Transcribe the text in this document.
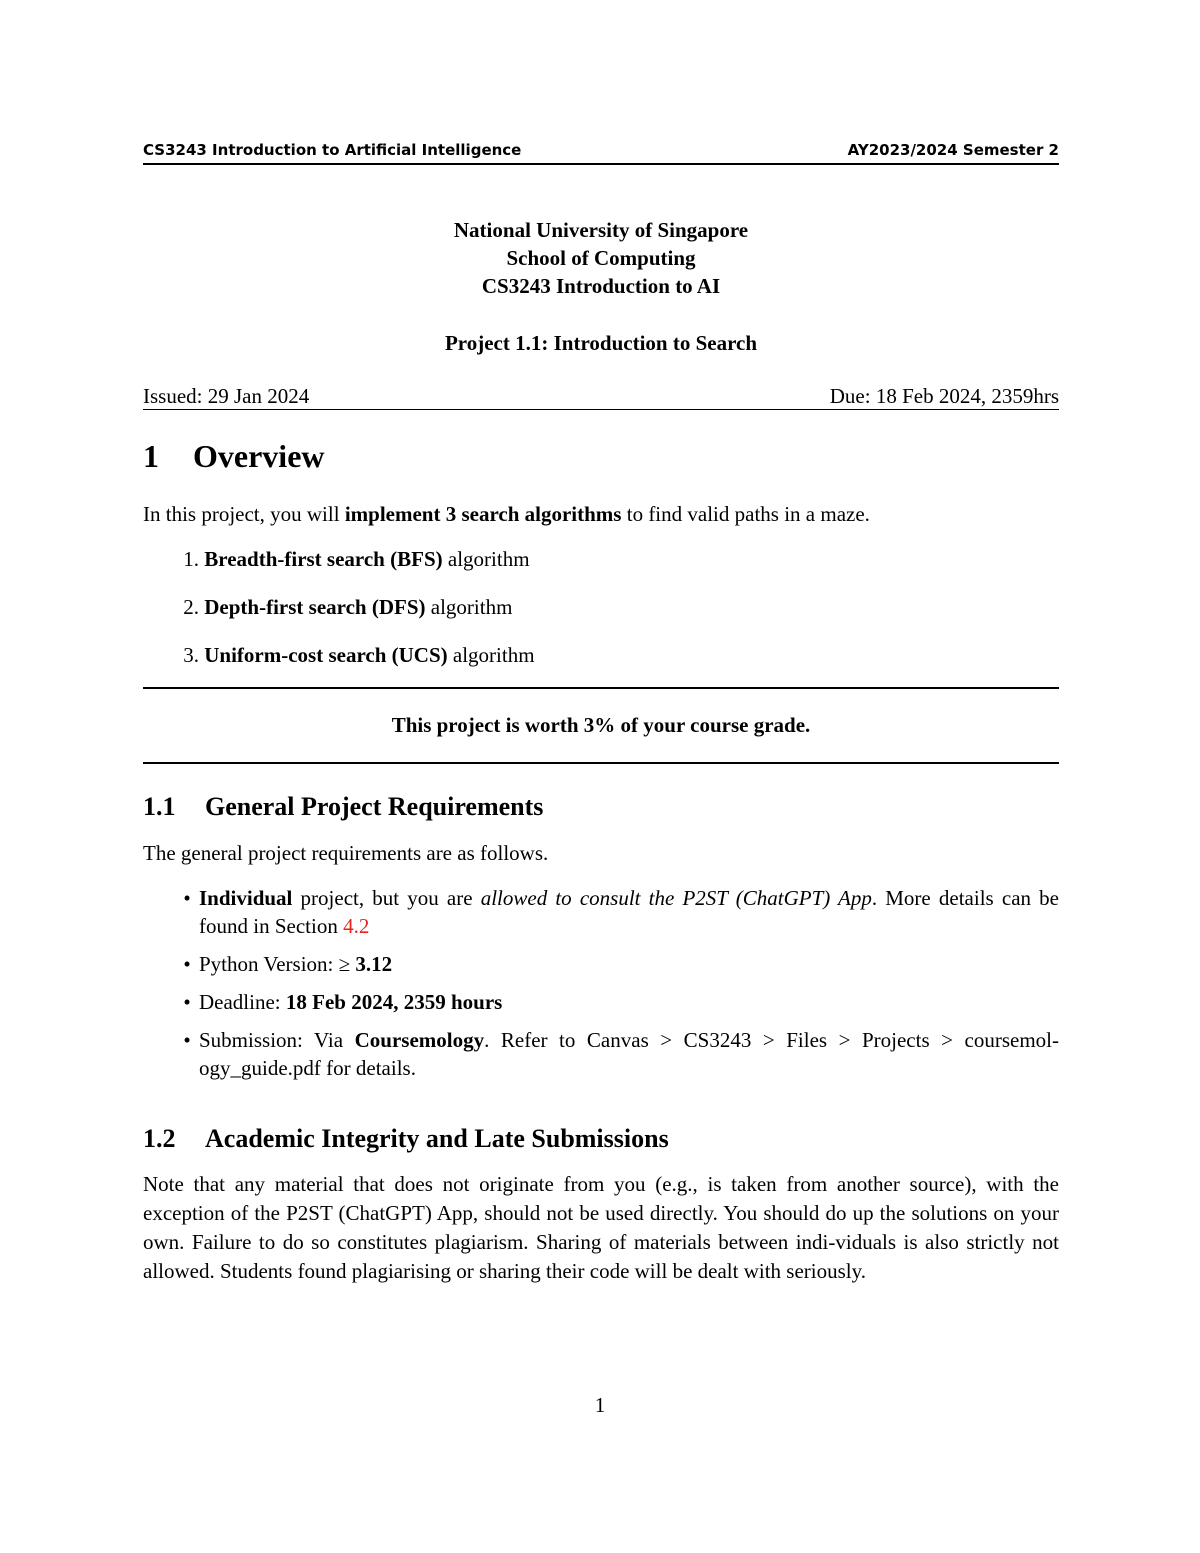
CS3243 Introduction to Artificial Intelligence	AY2023/2024 Semester 2
National University of Singapore
School of Computing
CS3243 Introduction to AI
Project 1.1: Introduction to Search
Issued: 29 Jan 2024	Due: 18 Feb 2024, 2359hrs
1	Overview
In this project, you will implement 3 search algorithms to find valid paths in a maze.
1. Breadth-first search (BFS) algorithm
2. Depth-first search (DFS) algorithm
3. Uniform-cost search (UCS) algorithm
This project is worth 3% of your course grade.
1.1	General Project Requirements
The general project requirements are as follows.
• Individual project, but you are allowed to consult the P2ST (ChatGPT) App. More details can be found in Section 4.2
• Python Version: ≥ 3.12
• Deadline: 18 Feb 2024, 2359 hours
• Submission: Via Coursemology. Refer to Canvas > CS3243 > Files > Projects > coursemol-ogy_guide.pdf for details.
1.2	Academic Integrity and Late Submissions
Note that any material that does not originate from you (e.g., is taken from another source), with the exception of the P2ST (ChatGPT) App, should not be used directly. You should do up the solutions on your own. Failure to do so constitutes plagiarism. Sharing of materials between indi-viduals is also strictly not allowed. Students found plagiarising or sharing their code will be dealt with seriously.
1
